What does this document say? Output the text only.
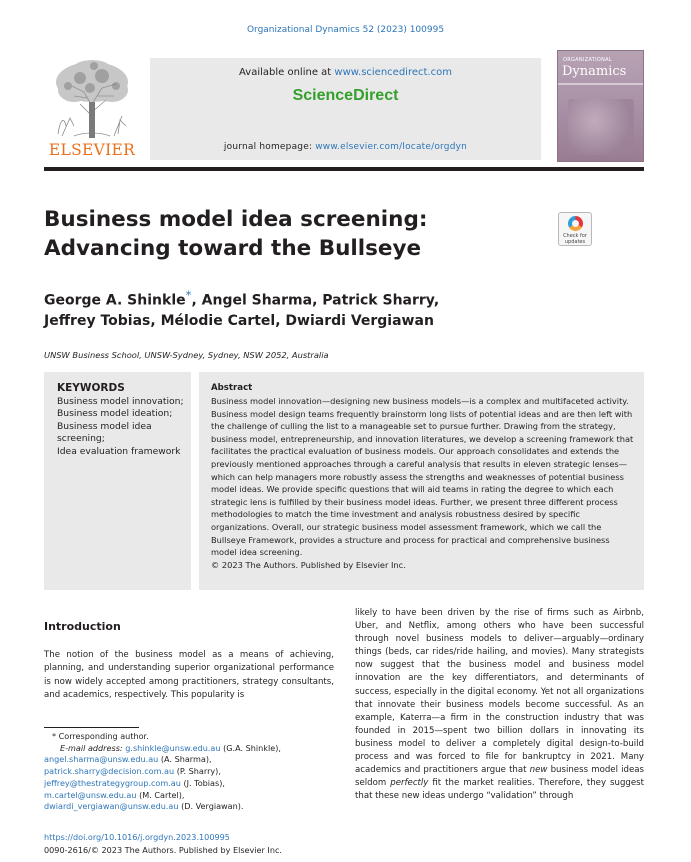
Organizational Dynamics 52 (2023) 100995
ELSEVIER
Available online at www.sciencedirect.com
ScienceDirect
journal homepage: www.elsevier.com/locate/orgdyn
ORGANIZATIONAL
Dynamics
Business model idea screening: Advancing toward the Bullseye	Check for updates
George A. Shinkle*, Angel Sharma, Patrick Sharry,
Jeffrey Tobias, Mélodie Cartel, Dwiardi Vergiawan
UNSW Business School, UNSW-Sydney, Sydney, NSW 2052, Australia
KEYWORDS
Business model innovation;
Business model ideation;
Business model idea screening;
Idea evaluation framework
Abstract
Business model innovation—designing new business models—is a complex and multifaceted activity. Business model design teams frequently brainstorm long lists of potential ideas and are then left with the challenge of culling the list to a manageable set to pursue further. Drawing from the strategy, business model, entrepreneurship, and innovation literatures, we develop a screening framework that facilitates the practical evaluation of business models. Our approach consolidates and extends the previously mentioned approaches through a careful analysis that results in eleven strategic lenses—which can help managers more robustly assess the strengths and weaknesses of potential business model ideas. We provide specific questions that will aid teams in rating the degree to which each strategic lens is fulfilled by their business model ideas. Further, we present three different process methodologies to match the time investment and analysis robustness desired by specific organizations. Overall, our strategic business model assessment framework, which we call the Bullseye Framework, provides a structure and process for practical and comprehensive business model idea screening.
© 2023 The Authors. Published by Elsevier Inc.
Introduction

The notion of the business model as a means of achieving, planning, and understanding superior organizational performance is now widely accepted among practitioners, strategy consultants, and academics, respectively. This popularity is

likely to have been driven by the rise of firms such as Airbnb, Uber, and Netflix, among others who have been successful through novel business models to deliver—arguably—ordinary things (beds, car rides/ride hailing, and movies). Many strategists now suggest that the business model and business model innovation are the key differentiators, and determinants of success, especially in the digital economy. Yet not all organizations that innovate their business models become successful. As an example, Katerra—a firm in the construction industry that was founded in 2015—spent two billion dollars in innovating its business model to deliver a completely digital design-to-build process and was forced to file for bankruptcy in 2021. Many academics and practitioners argue that new business model ideas seldom perfectly fit the market realities. Therefore, they suggest that these new ideas undergo “validation” through

* Corresponding author.
E-mail address: g.shinkle@unsw.edu.au (G.A. Shinkle),
angel.sharma@unsw.edu.au (A. Sharma),
patrick.sharry@decision.com.au (P. Sharry),
jeffrey@thestrategygroup.com.au (J. Tobias),
m.cartel@unsw.edu.au (M. Cartel),
dwiardi_vergiawan@unsw.edu.au (D. Vergiawan).
https://doi.org/10.1016/j.orgdyn.2023.100995
0090-2616/© 2023 The Authors. Published by Elsevier Inc.
